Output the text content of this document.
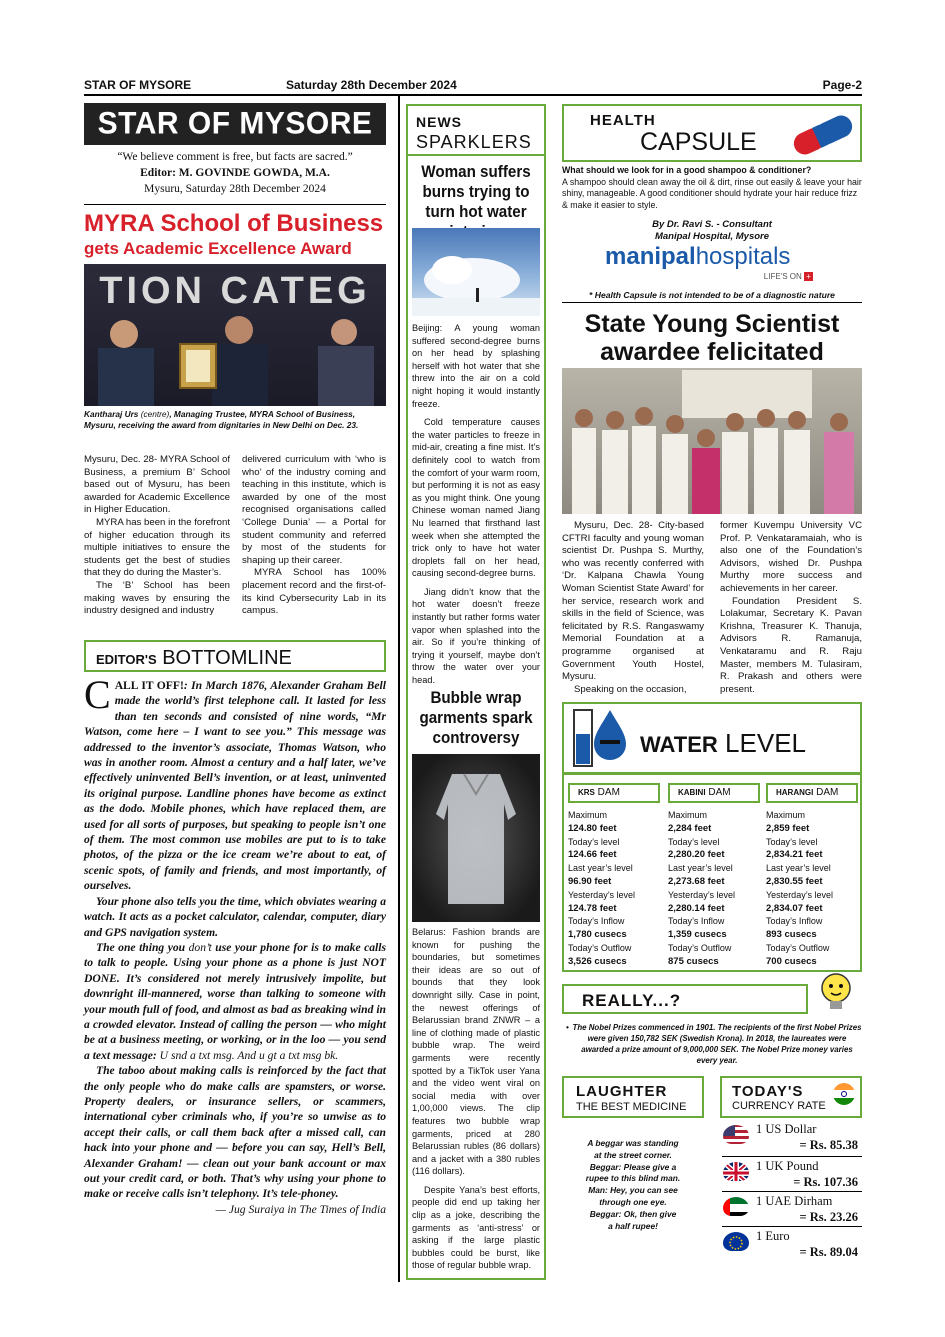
STAR OF MYSORE	Saturday 28th December 2024	Page-2
STAR OF MYSORE
“We believe comment is free, but facts are sacred.”
Editor: M. GOVINDE GOWDA, M.A.
Mysuru, Saturday 28th December 2024
MYRA School of Business
gets Academic Excellence Award
TION CATEG
Kantharaj Urs (centre), Managing Trustee, MYRA School of Business, Mysuru, receiving the award from dignitaries in New Delhi on Dec. 23.

Mysuru, Dec. 28- MYRA School of Business, a premium B’ School based out of Mysuru, has been awarded for Academic Excellence in Higher Education.

MYRA has been in the forefront of higher education through its multiple initiatives to ensure the students get the best of studies that they do during the Master’s.

The ‘B’ School has been making waves by ensuring the industry designed and industry

delivered curriculum with ‘who is who’ of the industry coming and teaching in this institute, which is awarded by one of the most recognised organisations called ‘College Dunia’ — a Portal for student community and referred by most of the students for shaping up their career.

MYRA School has 100% placement record and the first-of-its kind Cybersecurity Lab in its campus.

EDITOR'S BOTTOMLINE

CALL IT OFF!: In March 1876, Alexander Graham Bell made the world’s first telephone call. It lasted for less than ten seconds and consisted of nine words, “Mr Watson, come here – I want to see you.” This message was addressed to the inventor’s associate, Thomas Watson, who was in another room. Almost a century and a half later, we’ve effectively uninvented Bell’s invention, or at least, uninvented its original purpose. Landline phones have become as extinct as the dodo. Mobile phones, which have replaced them, are used for all sorts of purposes, but speaking to people isn’t one of them. The most common use mobiles are put to is to take photos, of the pizza or the ice cream we’re about to eat, of scenic spots, of family and friends, and most importantly, of ourselves.

Your phone also tells you the time, which obviates wearing a watch. It acts as a pocket calculator, calendar, computer, diary and GPS navigation system.

The one thing you don’t use your phone for is to make calls to talk to people. Using your phone as a phone is just NOT DONE. It’s considered not merely intrusively impolite, but downright ill-mannered, worse than talking to someone with your mouth full of food, and almost as bad as breaking wind in a crowded elevator. Instead of calling the person — who might be at a business meeting, or working, or in the loo — you send a text message: U snd a txt msg. And u gt a txt msg bk.

The taboo about making calls is reinforced by the fact that the only people who do make calls are spamsters, or worse. Property dealers, or insurance sellers, or scammers, international cyber criminals who, if you’re so unwise as to accept their calls, or call them back after a missed call, can hack into your phone and — before you can say, Hell’s Bell, Alexander Graham! — clean out your bank account or max out your credit card, or both. That’s why using your phone to make or receive calls isn’t telephony. It’s tele-phoney.

— Jug Suraiya in The Times of India
NEWS
SPARKLERS
Woman suffers burns trying to turn hot water

Beijing: A young woman suffered second-degree burns on her head by splashing herself with hot water that she threw into the air on a cold night hoping it would instantly freeze.

Cold temperature causes the water particles to freeze in mid-air, creating a fine mist. It’s definitely cool to watch from the comfort of your warm room, but performing it is not as easy as you might think. One young Chinese woman named Jiang Nu learned that firsthand last week when she attempted the trick only to have hot water droplets fall on her head, causing second-degree burns.

Jiang didn’t know that the hot water doesn’t freeze instantly but rather forms water vapor when splashed into the air. So if you’re thinking of trying it yourself, maybe don’t throw the water over your head.

Bubble wrap garments spark controversy

Belarus: Fashion brands are known for pushing the boundaries, but sometimes their ideas are so out of bounds that they look downright silly. Case in point, the newest offerings of Belarussian brand ZNWR – a line of clothing made of plastic bubble wrap. The weird garments were recently spotted by a TikTok user Yana and the video went viral on social media with over 1,00,000 views. The clip features two bubble wrap garments, priced at 280 Belarussian rubles (86 dollars) and a jacket with a 380 rubles (116 dollars).

Despite Yana’s best efforts, people did end up taking her clip as a joke, describing the garments as ‘anti-stress’ or asking if the large plastic bubbles could be burst, like those of regular bubble wrap.

HEALTH
CAPSULE
What should we look for in a good shampoo & conditioner?
A shampoo should clean away the oil & dirt, rinse out easily & leave your hair shiny, manageable. A good conditioner should hydrate your hair reduce frizz & make it easier to style.
By Dr. Ravi S. - Consultant
Manipal Hospital, Mysore
manipalhospitals
LIFE'S ON +
* Health Capsule is not intended to be of a diagnostic nature
State Young Scientist
awardee felicitated

Mysuru, Dec. 28- City-based CFTRI faculty and young woman scientist Dr. Pushpa S. Murthy, who was recently conferred with ‘Dr. Kalpana Chawla Young Woman Scientist State Award’ for her service, research work and skills in the field of Science, was felicitated by R.S. Rangaswamy Memorial Foundation at a programme organised at Government Youth Hostel, Mysuru.

Speaking on the occasion,

former Kuvempu University VC Prof. P. Venkataramaiah, who is also one of the Foundation’s Advisors, wished Dr. Pushpa Murthy more success and achievements in her career.

Foundation President S. Lolakumar, Secretary K. Pavan Krishna, Treasurer K. Thanuja, Advisors R. Ramanuja, Venkataramu and R. Raju Master, members M. Tulasiram, R. Prakash and others were present.

WATER LEVEL
KRS DAM
Maximum
124.80 feet
Today’s level
124.66 feet
Last year’s level
96.90 feet
Yesterday’s level
124.78 feet
Today’s Inflow
1,780 cusecs
Today’s Outflow
3,526 cusecs
KABINI DAM
Maximum
2,284 feet
Today’s level
2,280.20 feet
Last year’s level
2,273.68 feet
Yesterday’s level
2,280.14 feet
Today’s Inflow
1,359 cusecs
Today’s Outflow
875 cusecs
HARANGI DAM
Maximum
2,859 feet
Today’s level
2,834.21 feet
Last year’s level
2,830.55 feet
Yesterday’s level
2,834.07 feet
Today’s Inflow
893 cusecs
Today’s Outflow
700 cusecs
REALLY...?
• The Nobel Prizes commenced in 1901. The recipients of the first Nobel Prizes were given 150,782 SEK (Swedish Krona). In 2018, the laureates were awarded a prize amount of 9,000,000 SEK. The Nobel Prize money varies every year.
LAUGHTER
THE BEST MEDICINE
A beggar was standing
at the street corner.
Beggar: Please give a
rupee to this blind man.
Man: Hey, you can see
through one eye.
Beggar: Ok, then give
a half rupee!
TODAY'S
CURRENCY RATE
1 US Dollar
= Rs. 85.38
1 UK Pound
= Rs. 107.36
1 UAE Dirham
= Rs. 23.26
1 Euro
= Rs. 89.04
